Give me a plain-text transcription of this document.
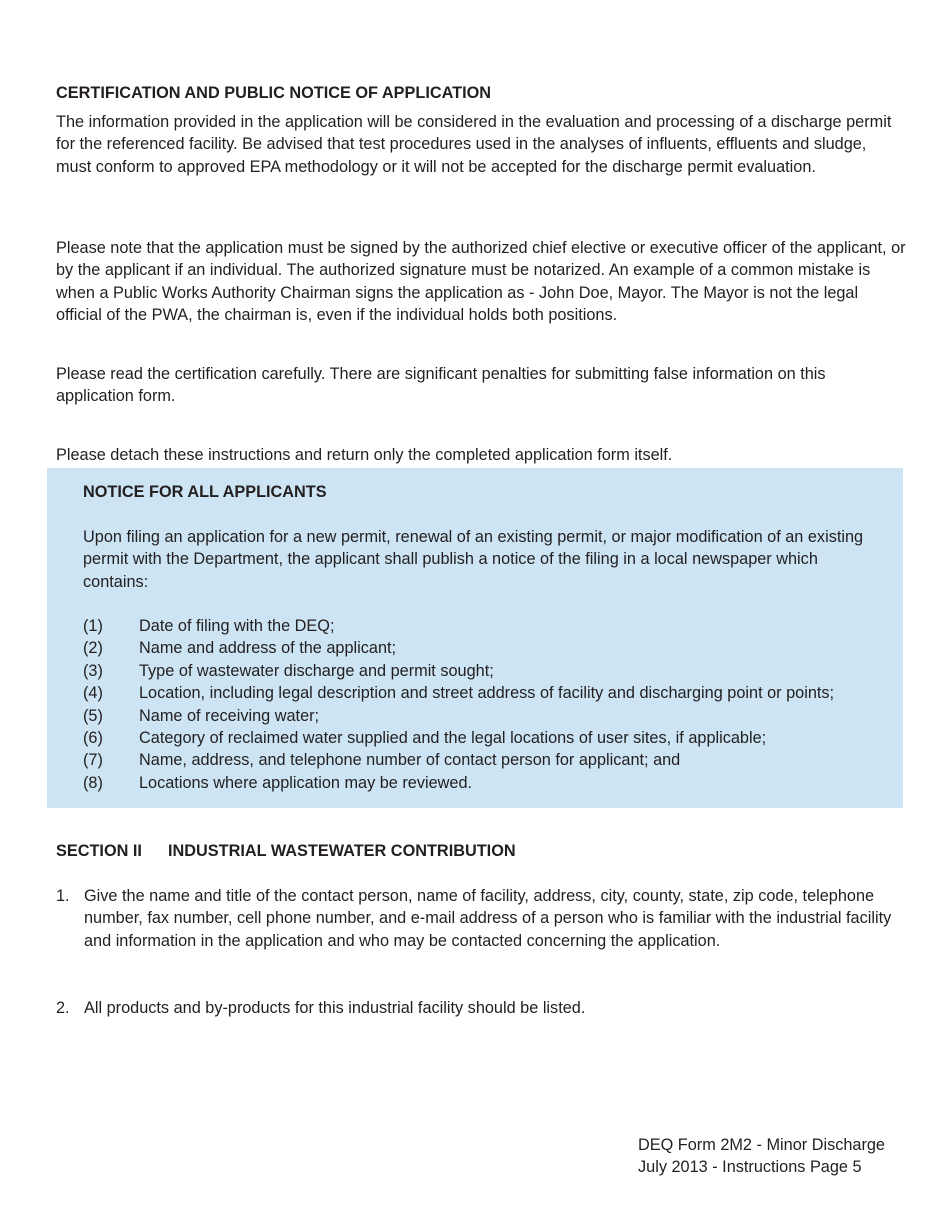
CERTIFICATION AND PUBLIC NOTICE OF APPLICATION

The information provided in the application will be considered in the evaluation and processing of a discharge permit for the referenced facility. Be advised that test procedures used in the analyses of influents, effluents and sludge, must conform to approved EPA methodology or it will not be accepted for the discharge permit evaluation.

Please note that the application must be signed by the authorized chief elective or executive officer of the applicant, or by the applicant if an individual. The authorized signature must be notarized. An example of a common mistake is when a Public Works Authority Chairman signs the application as - John Doe, Mayor. The Mayor is not the legal official of the PWA, the chairman is, even if the individual holds both positions.

Please read the certification carefully. There are significant penalties for submitting false information on this application form.

Please detach these instructions and return only the completed application form itself.

NOTICE FOR ALL APPLICANTS

Upon filing an application for a new permit, renewal of an existing permit, or major modification of an existing permit with the Department, the applicant shall publish a notice of the filing in a local newspaper which contains:

(1) Date of filing with the DEQ;
(2) Name and address of the applicant;
(3) Type of wastewater discharge and permit sought;
(4) Location, including legal description and street address of facility and discharging point or points;
(5) Name of receiving water;
(6) Category of reclaimed water supplied and the legal locations of user sites, if applicable;
(7) Name, address, and telephone number of contact person for applicant; and
(8) Locations where application may be reviewed.
SECTION II INDUSTRIAL WASTEWATER CONTRIBUTION
1. Give the name and title of the contact person, name of facility, address, city, county, state, zip code, telephone number, fax number, cell phone number, and e-mail address of a person who is familiar with the industrial facility and information in the application and who may be contacted concerning the application.

2. All products and by-products for this industrial facility should be listed.

DEQ Form 2M2 - Minor Discharge
July 2013 - Instructions Page 5
